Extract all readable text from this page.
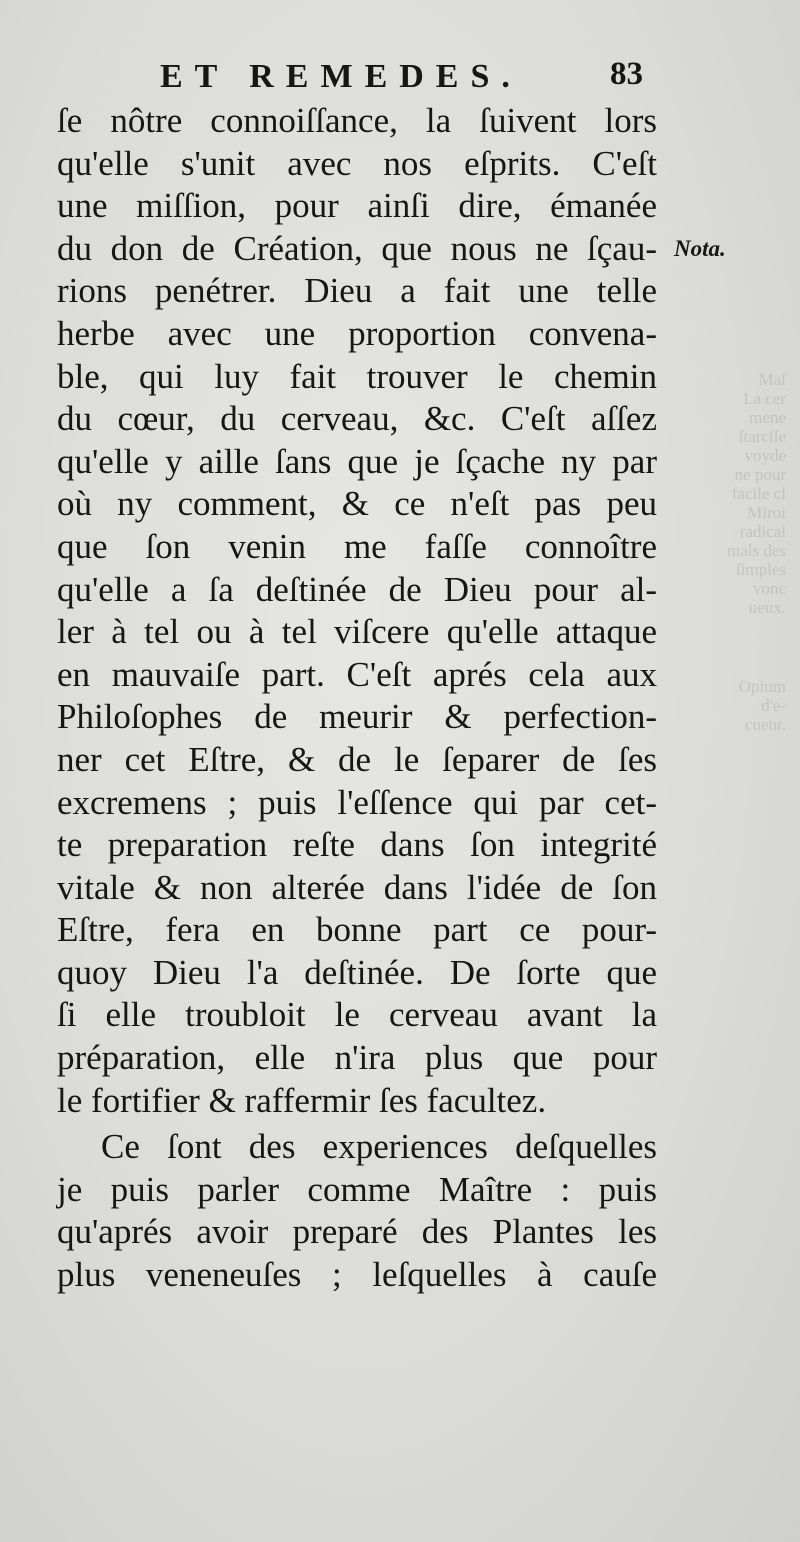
Maſ
La cer
mene
ſtarcſſe
voyde
ne pour
facile cl
Miroi
radical
mals des
ſimples
vonc
ueux.
Opium
d'e-
cueur.
ET REMEDES.	83
Nota.
ſe nôtre connoiſſance, la ſuivent lors
qu'elle s'unit avec nos eſprits. C'eſt
une miſſion, pour ainſi dire, émanée
du don de Création, que nous ne ſçau-
rions penétrer. Dieu a fait une telle
herbe avec une proportion convena-
ble, qui luy fait trouver le chemin
du cœur, du cerveau, &c. C'eſt aſſez
qu'elle y aille ſans que je ſçache ny par
où ny comment, & ce n'eſt pas peu
que ſon venin me faſſe connoître
qu'elle a ſa deſtinée de Dieu pour al-
ler à tel ou à tel viſcere qu'elle attaque
en mauvaiſe part. C'eſt aprés cela aux
Philoſophes de meurir & perfection-
ner cet Eſtre, & de le ſeparer de ſes
excremens ; puis l'eſſence qui par cet-
te preparation reſte dans ſon integrité
vitale & non alterée dans l'idée de ſon
Eſtre, fera en bonne part ce pour-
quoy Dieu l'a deſtinée. De ſorte que
ſi elle troubloit le cerveau avant la
préparation, elle n'ira plus que pour
le fortifier & raffermir ſes facultez.
Ce ſont des experiences deſquelles
je puis parler comme Maître : puis
qu'aprés avoir preparé des Plantes les
plus veneneuſes ; leſquelles à cauſe
